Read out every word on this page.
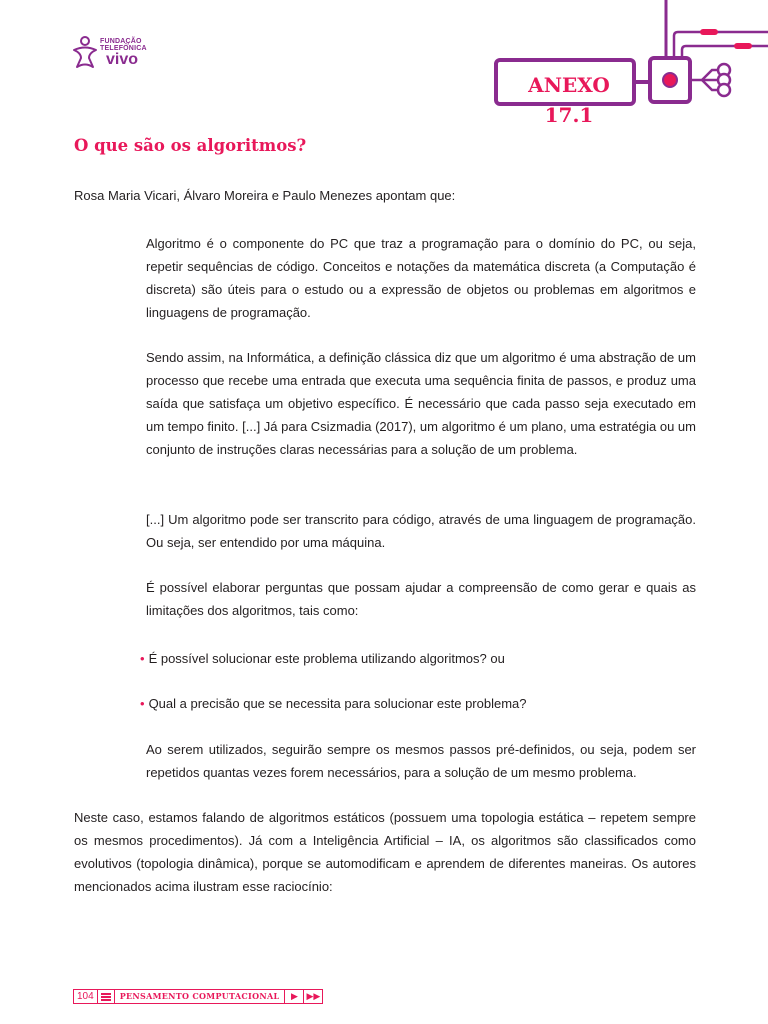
FUNDAÇÃO
TELEFÔNICA
vivo
ANEXO 17.1
O que são os algoritmos?

Rosa Maria Vicari, Álvaro Moreira e Paulo Menezes apontam que:

Algoritmo é o componente do PC que traz a programação para o domínio do PC, ou seja, repetir sequências de código. Conceitos e notações da matemática discreta (a Computação é discreta) são úteis para o estudo ou a expressão de objetos ou problemas em algoritmos e linguagens de programação.

Sendo assim, na Informática, a definição clássica diz que um algoritmo é uma abstração de um processo que recebe uma entrada que executa uma sequência finita de passos, e produz uma saída que satisfaça um objetivo específico. É necessário que cada passo seja executado em um tempo finito. [...] Já para Csizmadia (2017), um algoritmo é um plano, uma estratégia ou um conjunto de instruções claras necessárias para a solução de um problema.

[...] Um algoritmo pode ser transcrito para código, através de uma linguagem de programação. Ou seja, ser entendido por uma máquina.

É possível elaborar perguntas que possam ajudar a compreensão de como gerar e quais as limitações dos algoritmos, tais como:

• É possível solucionar este problema utilizando algoritmos? ou

• Qual a precisão que se necessita para solucionar este problema?

Ao serem utilizados, seguirão sempre os mesmos passos pré-definidos, ou seja, podem ser repetidos quantas vezes forem necessários, para a solução de um mesmo problema.

Neste caso, estamos falando de algoritmos estáticos (possuem uma topologia estática – repetem sempre os mesmos procedimentos). Já com a Inteligência Artificial – IA, os algoritmos são classificados como evolutivos (topologia dinâmica), porque se automodificam e aprendem de diferentes maneiras. Os autores mencionados acima ilustram esse raciocínio:

104	PENSAMENTO COMPUTACIONAL	▶ ▶▶
